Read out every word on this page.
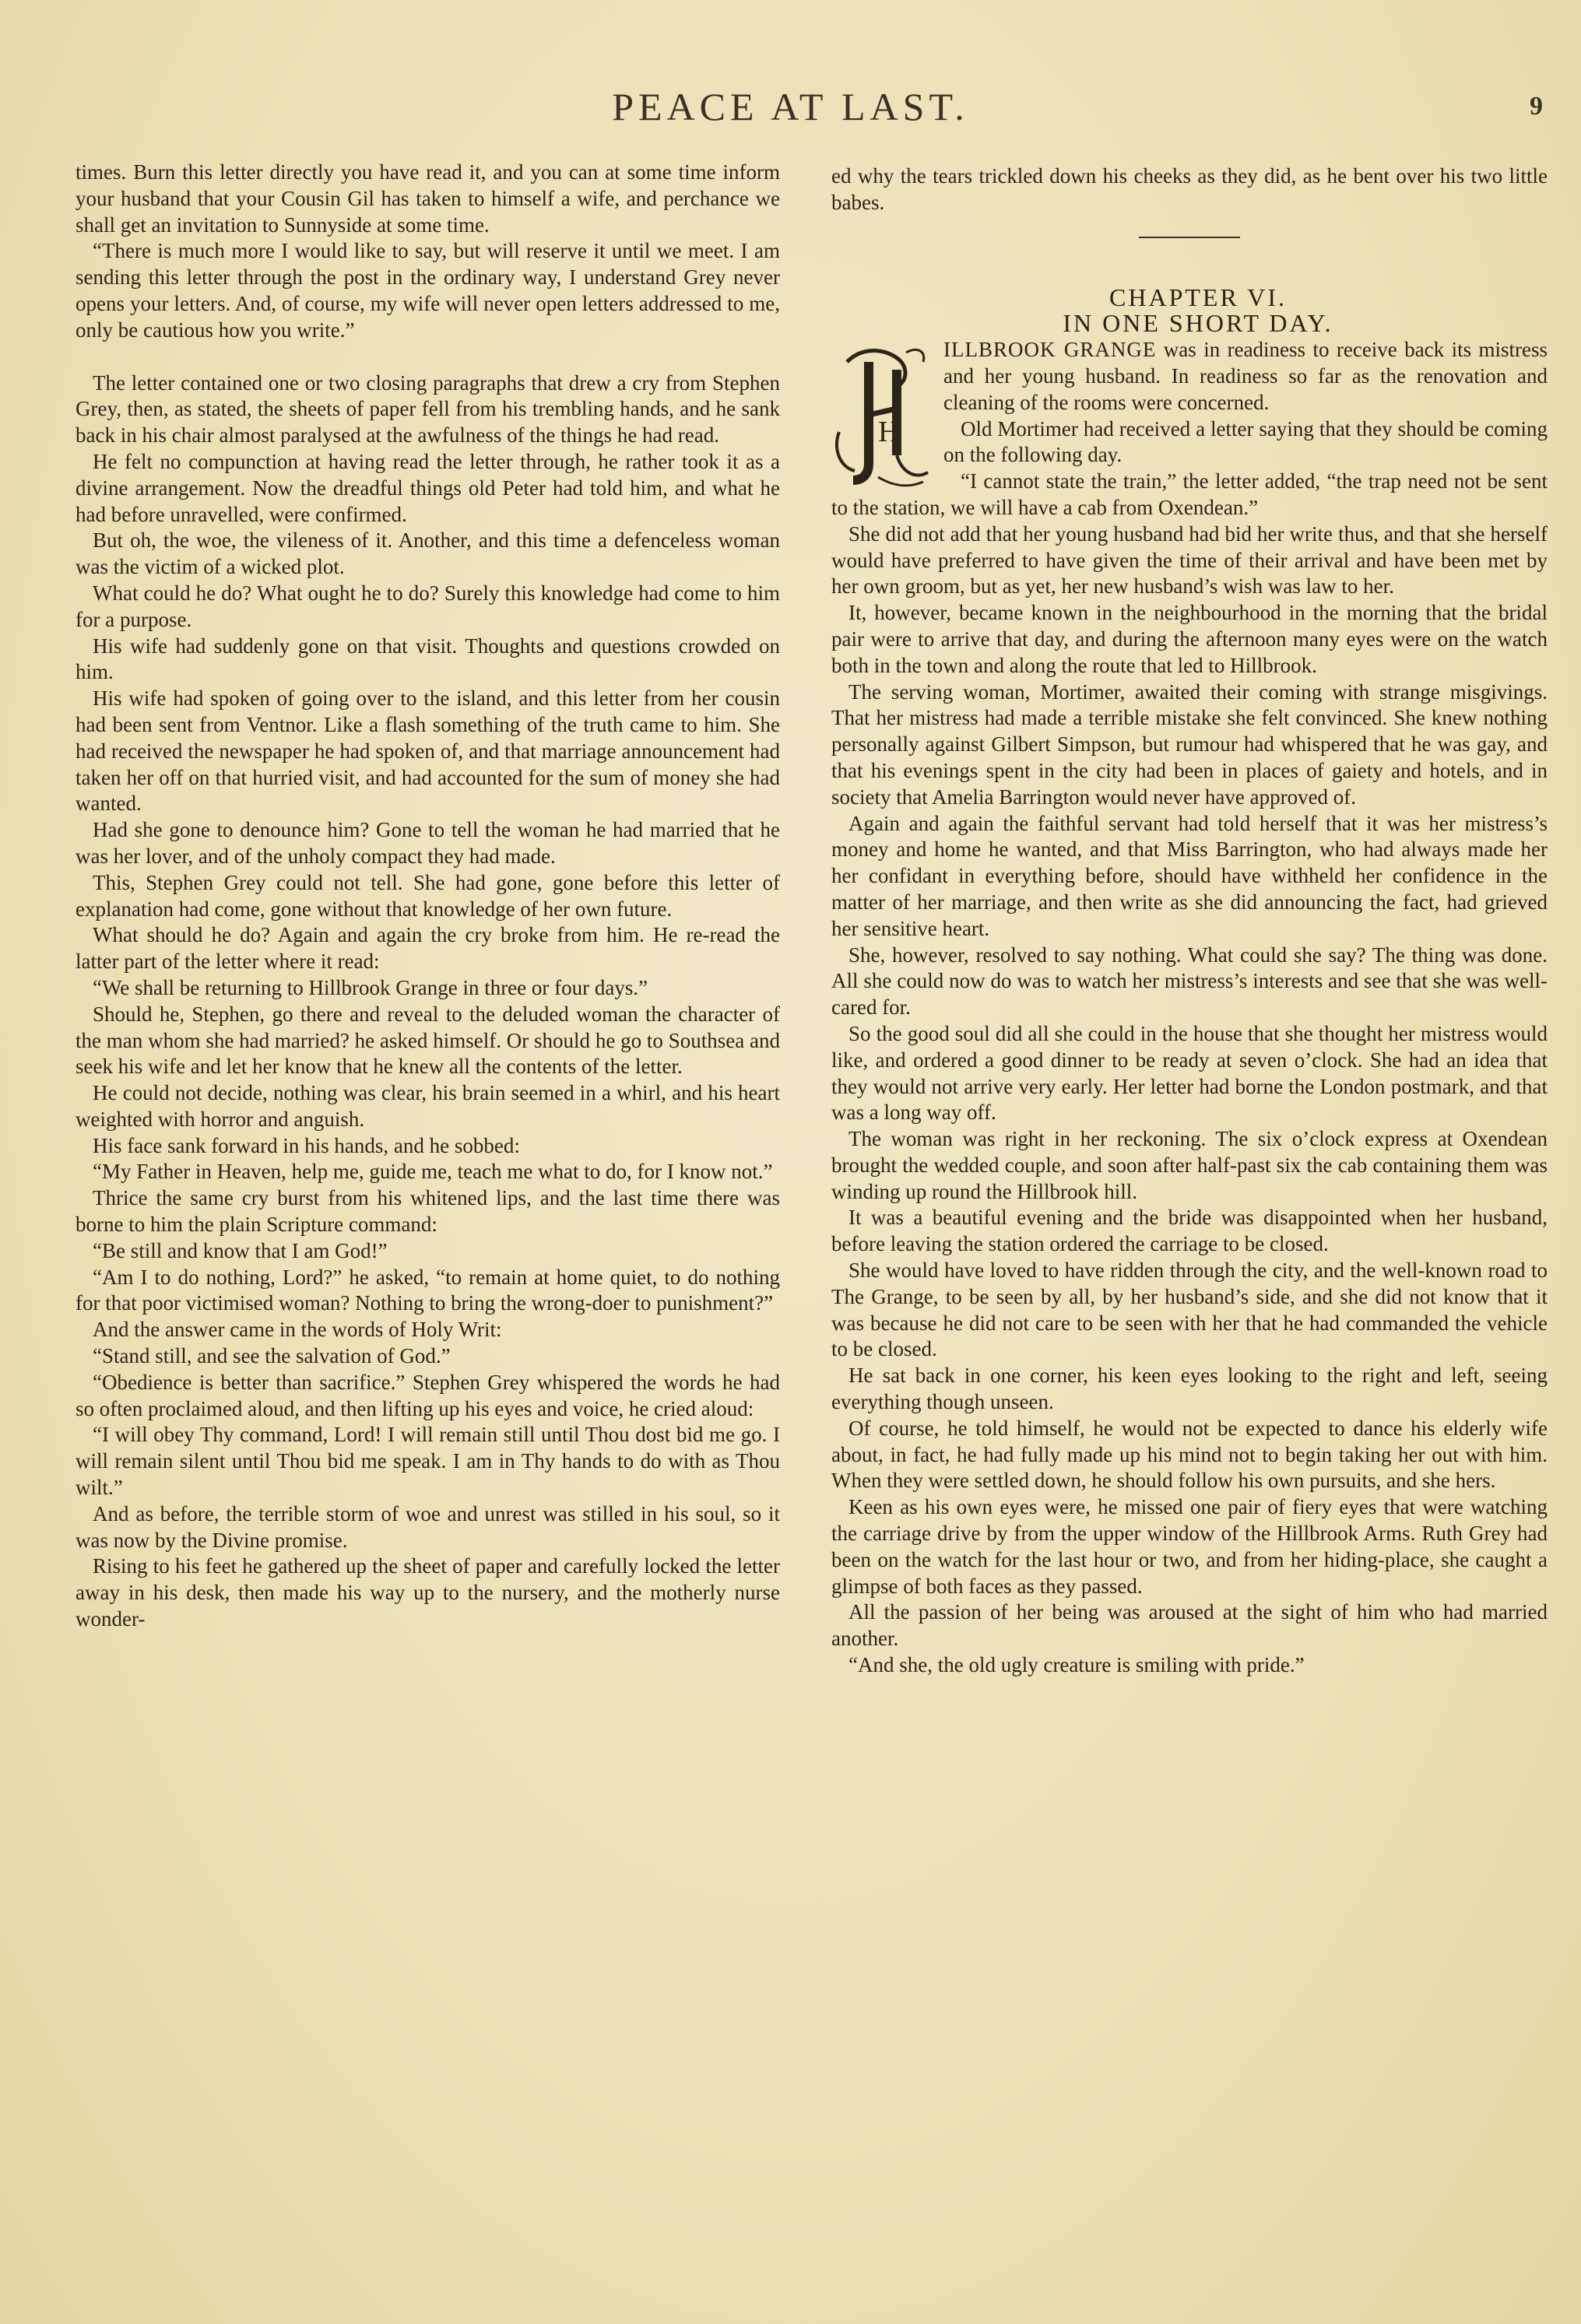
PEACE AT LAST.	9

times. Burn this letter directly you have read it, and you can at some time inform your husband that your Cousin Gil has taken to himself a wife, and perchance we shall get an invitation to Sunnyside at some time.

“There is much more I would like to say, but will reserve it until we meet. I am sending this letter through the post in the ordinary way, I understand Grey never opens your letters. And, of course, my wife will never open letters addressed to me, only be cautious how you write.”

The letter contained one or two closing paragraphs that drew a cry from Stephen Grey, then, as stated, the sheets of paper fell from his trembling hands, and he sank back in his chair almost paralysed at the awfulness of the things he had read.

He felt no compunction at having read the letter through, he rather took it as a divine arrangement. Now the dreadful things old Peter had told him, and what he had before unravelled, were confirmed.

But oh, the woe, the vileness of it. Another, and this time a defenceless woman was the victim of a wicked plot.

What could he do? What ought he to do? Surely this knowledge had come to him for a purpose.

His wife had suddenly gone on that visit. Thoughts and questions crowded on him.

His wife had spoken of going over to the island, and this letter from her cousin had been sent from Ventnor. Like a flash something of the truth came to him. She had received the newspaper he had spoken of, and that marriage announcement had taken her off on that hurried visit, and had accounted for the sum of money she had wanted.

Had she gone to denounce him? Gone to tell the woman he had married that he was her lover, and of the unholy compact they had made.

This, Stephen Grey could not tell. She had gone, gone before this letter of explanation had come, gone without that knowledge of her own future.

What should he do? Again and again the cry broke from him. He re-read the latter part of the letter where it read:

“We shall be returning to Hillbrook Grange in three or four days.”

Should he, Stephen, go there and reveal to the deluded woman the character of the man whom she had married? he asked himself. Or should he go to Southsea and seek his wife and let her know that he knew all the contents of the letter.

He could not decide, nothing was clear, his brain seemed in a whirl, and his heart weighted with horror and anguish.

His face sank forward in his hands, and he sobbed:

“My Father in Heaven, help me, guide me, teach me what to do, for I know not.”

Thrice the same cry burst from his whitened lips, and the last time there was borne to him the plain Scripture command:

“Be still and know that I am God!”

“Am I to do nothing, Lord?” he asked, “to remain at home quiet, to do nothing for that poor victimised woman? Nothing to bring the wrong-doer to punishment?”

And the answer came in the words of Holy Writ:

“Stand still, and see the salvation of God.”

“Obedience is better than sacrifice.” Stephen Grey whispered the words he had so often proclaimed aloud, and then lifting up his eyes and voice, he cried aloud:

“I will obey Thy command, Lord! I will remain still until Thou dost bid me go. I will remain silent until Thou bid me speak. I am in Thy hands to do with as Thou wilt.”

And as before, the terrible storm of woe and unrest was stilled in his soul, so it was now by the Divine promise.

Rising to his feet he gathered up the sheet of paper and carefully locked the letter away in his desk, then made his way up to the nursery, and the motherly nurse wonder-

ed why the tears trickled down his cheeks as they did, as he bent over his two little babes.

CHAPTER VI.

IN ONE SHORT DAY.

H

ILLBROOK GRANGE was in readiness to receive back its mistress and her young husband. In readiness so far as the renovation and cleaning of the rooms were concerned.

Old Mortimer had received a letter saying that they should be coming on the following day.

“I cannot state the train,” the letter added, “the trap need not be sent to the station, we will have a cab from Oxendean.”

She did not add that her young husband had bid her write thus, and that she herself would have preferred to have given the time of their arrival and have been met by her own groom, but as yet, her new husband’s wish was law to her.

It, however, became known in the neighbourhood in the morning that the bridal pair were to arrive that day, and during the afternoon many eyes were on the watch both in the town and along the route that led to Hillbrook.

The serving woman, Mortimer, awaited their coming with strange misgivings. That her mistress had made a terrible mistake she felt convinced. She knew nothing personally against Gilbert Simpson, but rumour had whispered that he was gay, and that his evenings spent in the city had been in places of gaiety and hotels, and in society that Amelia Barrington would never have approved of.

Again and again the faithful servant had told herself that it was her mistress’s money and home he wanted, and that Miss Barrington, who had always made her her confidant in everything before, should have withheld her confidence in the matter of her marriage, and then write as she did announcing the fact, had grieved her sensitive heart.

She, however, resolved to say nothing. What could she say? The thing was done. All she could now do was to watch her mistress’s interests and see that she was well-cared for.

So the good soul did all she could in the house that she thought her mistress would like, and ordered a good dinner to be ready at seven o’clock. She had an idea that they would not arrive very early. Her letter had borne the London postmark, and that was a long way off.

The woman was right in her reckoning. The six o’clock express at Oxendean brought the wedded couple, and soon after half-past six the cab containing them was winding up round the Hillbrook hill.

It was a beautiful evening and the bride was disappointed when her husband, before leaving the station ordered the carriage to be closed.

She would have loved to have ridden through the city, and the well-known road to The Grange, to be seen by all, by her husband’s side, and she did not know that it was because he did not care to be seen with her that he had commanded the vehicle to be closed.

He sat back in one corner, his keen eyes looking to the right and left, seeing everything though unseen.

Of course, he told himself, he would not be expected to dance his elderly wife about, in fact, he had fully made up his mind not to begin taking her out with him. When they were settled down, he should follow his own pursuits, and she hers.

Keen as his own eyes were, he missed one pair of fiery eyes that were watching the carriage drive by from the upper window of the Hillbrook Arms. Ruth Grey had been on the watch for the last hour or two, and from her hiding-place, she caught a glimpse of both faces as they passed.

All the passion of her being was aroused at the sight of him who had married another.

“And she, the old ugly creature is smiling with pride.”
